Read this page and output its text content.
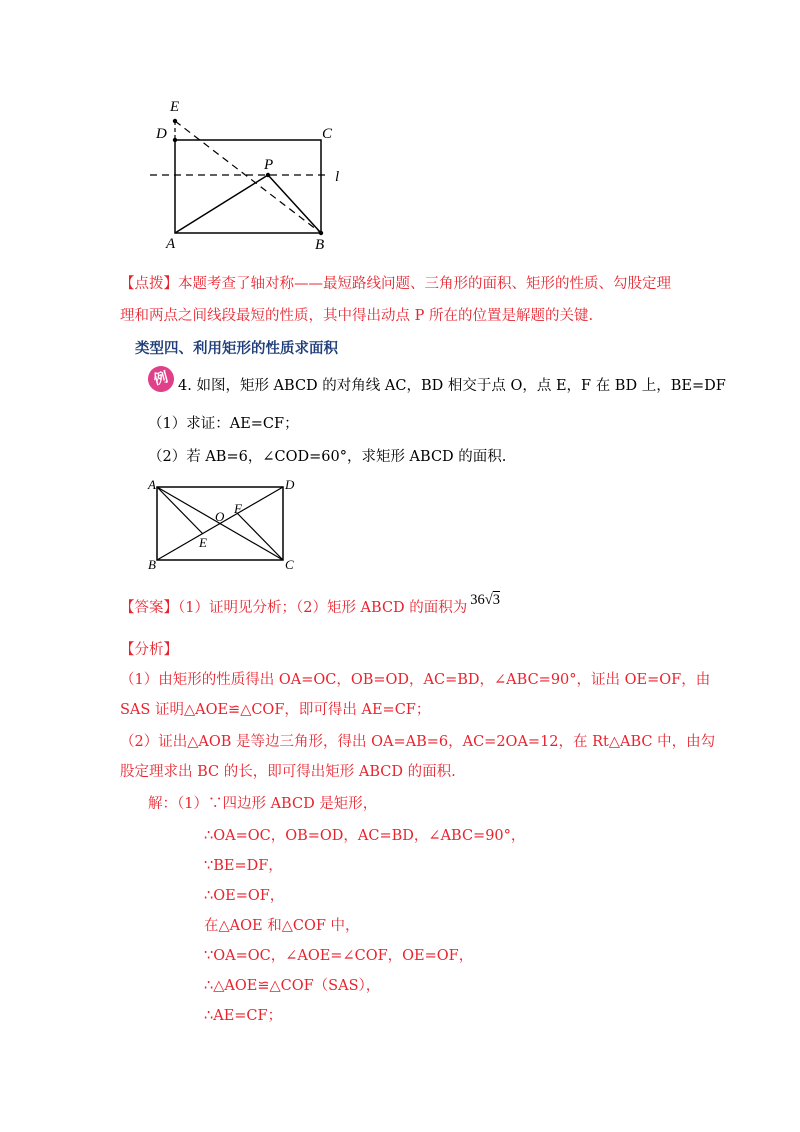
E
D	C
P
l
A	B
【点拨】本题考查了轴对称——最短路线问题、三角形的面积、矩形的性质、勾股定理
理和两点之间线段最短的性质，其中得出动点 P 所在的位置是解题的关键.
类型四、利用矩形的性质求面积
例 4. 如图，矩形 ABCD 的对角线 AC，BD 相交于点 O，点 E，F 在 BD 上，BE=DF
（1）求证：AE=CF；
（2）若 AB=6，∠COD=60°，求矩形 ABCD 的面积.
A	D
O
F
E
B	C
【答案】（1）证明见分析；（2）矩形 ABCD 的面积为 36√3
【分析】
（1）由矩形的性质得出 OA=OC，OB=OD，AC=BD，∠ABC=90°，证出 OE=OF，由
SAS 证明△AOE≌△COF，即可得出 AE=CF；
（2）证出△AOB 是等边三角形，得出 OA=AB=6，AC=2OA=12，在 Rt△ABC 中，由勾
股定理求出 BC 的长，即可得出矩形 ABCD 的面积.
解：（1）∵四边形 ABCD 是矩形，
∴OA=OC，OB=OD，AC=BD，∠ABC=90°，
∵BE=DF，
∴OE=OF，
在△AOE 和△COF 中，
∵OA=OC，∠AOE=∠COF，OE=OF，
∴△AOE≌△COF（SAS），
∴AE=CF；
